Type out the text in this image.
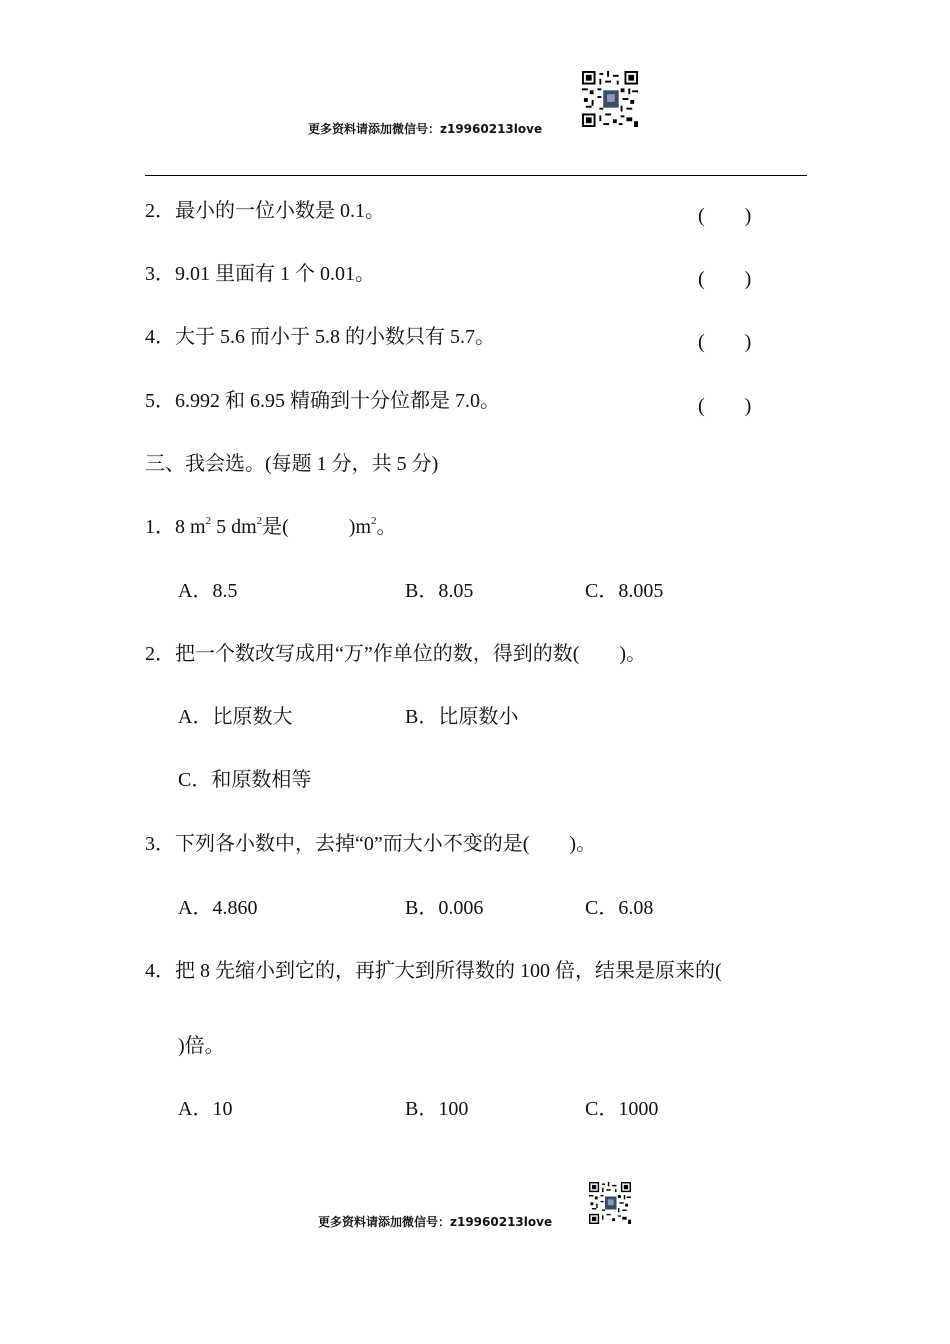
更多资料请添加微信号：z19960213love
2．最小的一位小数是 0.1。	(　　)
3．9.01 里面有 1 个 0.01。	(　　)
4．大于 5.6 而小于 5.8 的小数只有 5.7。	(　　)
5．6.992 和 6.95 精确到十分位都是 7.0。	(　　)
三、我会选。(每题 1 分，共 5 分)
1．8 $m^2$ 5 $dm^2$是(　　　)$m^2$。
A．8.5	B．8.05	C．8.005
2．把一个数改写成用“万”作单位的数，得到的数(　　)。
A．比原数大	B．比原数小
C．和原数相等
3．下列各小数中，去掉“0”而大小不变的是(　　)。
A．4.860	B．0.006	C．6.08
4．把 8 先缩小到它的，再扩大到所得数的 100 倍，结果是原来的(
)倍。
A．10	B．100	C．1000
更多资料请添加微信号：z19960213love
